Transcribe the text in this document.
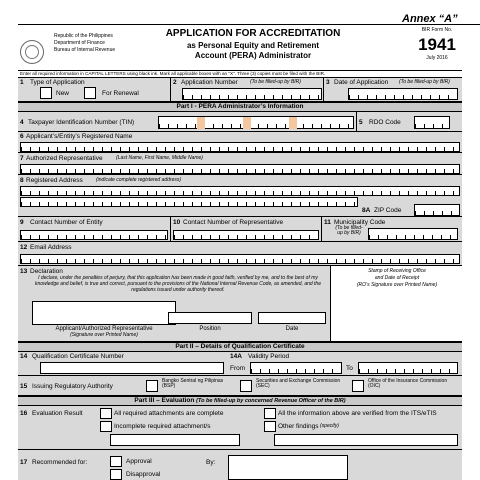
Annex “A”
Republic of the Philippines
Department of Finance
Bureau of Internal Revenue
APPLICATION FOR ACCREDITATION
as Personal Equity and Retirement
Account (PERA) Administrator
BIR Form No.
1941
July 2016
Enter all required information in CAPITAL LETTERS using black ink. Mark all applicable boxes with an "X". Three (3) copies must be filed with the BIR.
1 Type of Application
New	For Renewal
2 Application Number (To be filled-up by BIR)	3 Date of Application (To be filled-up by BIR)
Part I - PERA Administrator’s Information
4 Taxpayer Identification Number (TIN)	5 RDO Code
6 Applicant’s/Entity’s Registered Name
7 Authorized Representative	(Last Name, First Name, Middle Name)
8 Registered Address	(indicate complete registered address)
8A ZIP Code
9 Contact Number of Entity	10 Contact Number of Representative	11 Municipality Code
(To be filled-up by BIR)
12 Email Address
13 Declaration
I declare, under the penalties of perjury, that this application has been made in good faith, verified by me, and to the best of my knowledge and belief, is true and correct, pursuant to the provisions of the National Internal Revenue Code, as amended, and the regulations issued under authority thereof.
Applicant/Authorized Representative
(Signature over Printed Name)
Position	Date
Stamp of Receiving Office
and Date of Receipt
(RO’s Signature over Printed Name)
Part II – Details of Qualification Certificate
14 Qualification Certificate Number	14A Validity Period
From	To
15 Issuing Regulatory Authority
Bangko Sentral ng Pilipinas (BSP)
Securities and Exchange Commission (SEC)
Office of the Insurance Commission (OIC)
Part III – Evaluation (To be filled-up by concerned Revenue Officer of the BIR)
16 Evaluation Result	All required attachments are complete
Incomplete required attachment/s
All the information above are verified from the ITS/eTIS
Other findings (specify)
17 Recommended for:	Approval
Disapproval
By:
